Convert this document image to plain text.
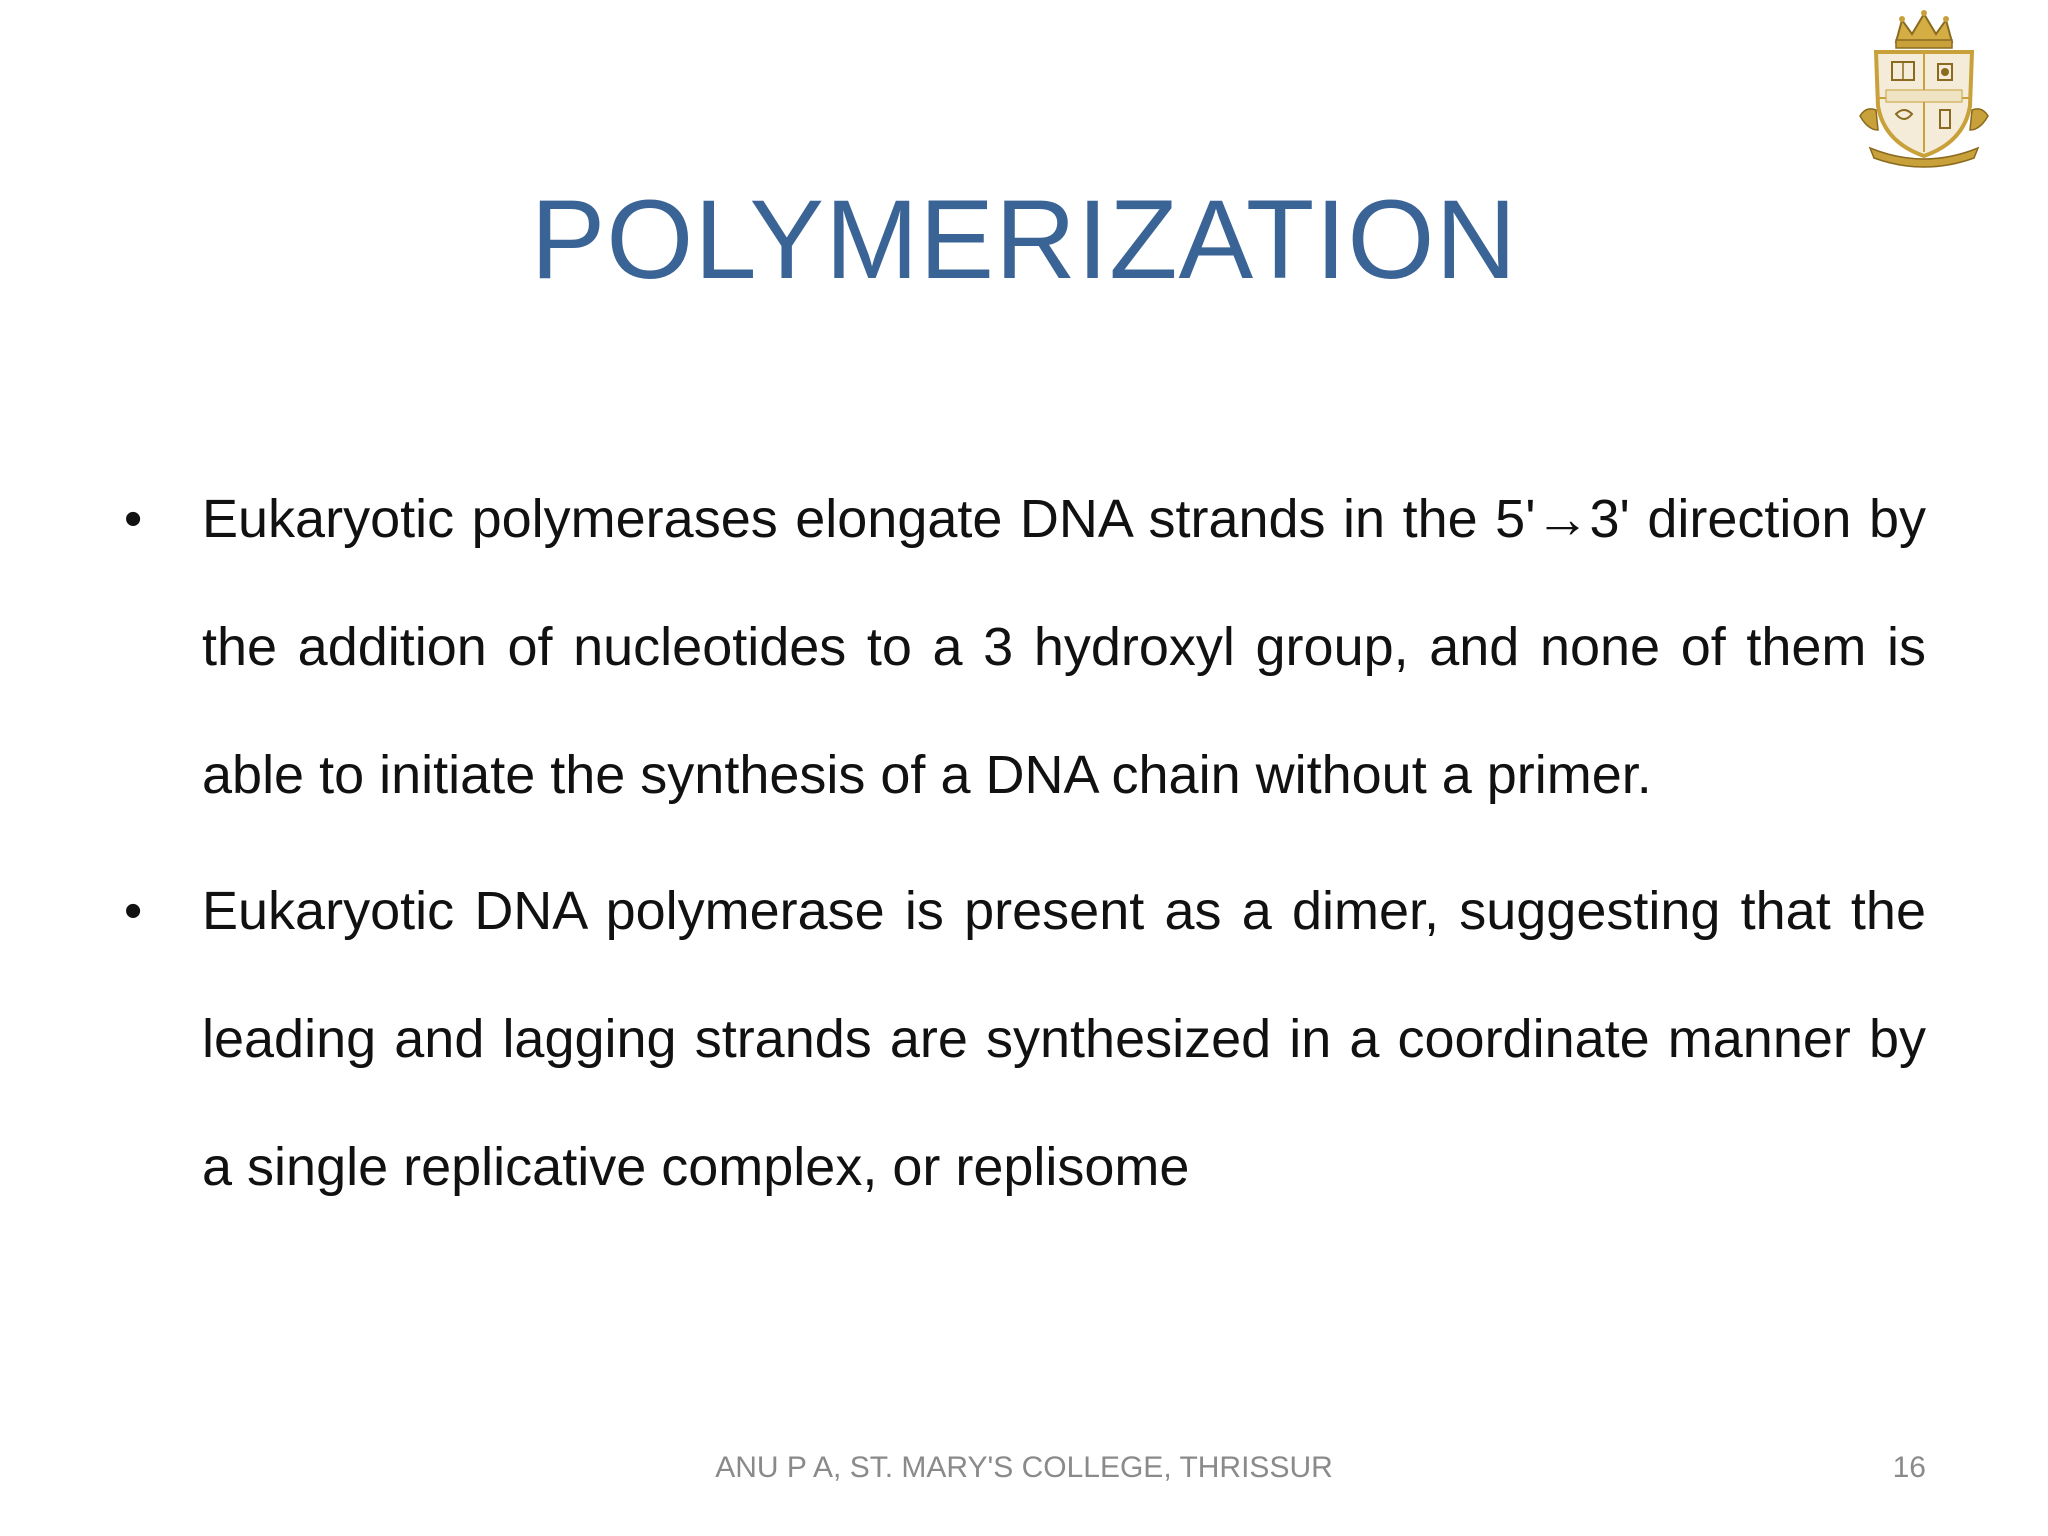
POLYMERIZATION
• Eukaryotic polymerases elongate DNA strands in the 5'→3' direction by the addition of nucleotides to a 3 hydroxyl group, and none of them is able to initiate the synthesis of a DNA chain without a primer.
• Eukaryotic DNA polymerase is present as a dimer, suggesting that the leading and lagging strands are synthesized in a coordinate manner by a single replicative complex, or replisome
ANU P A, ST. MARY'S COLLEGE, THRISSUR	16
